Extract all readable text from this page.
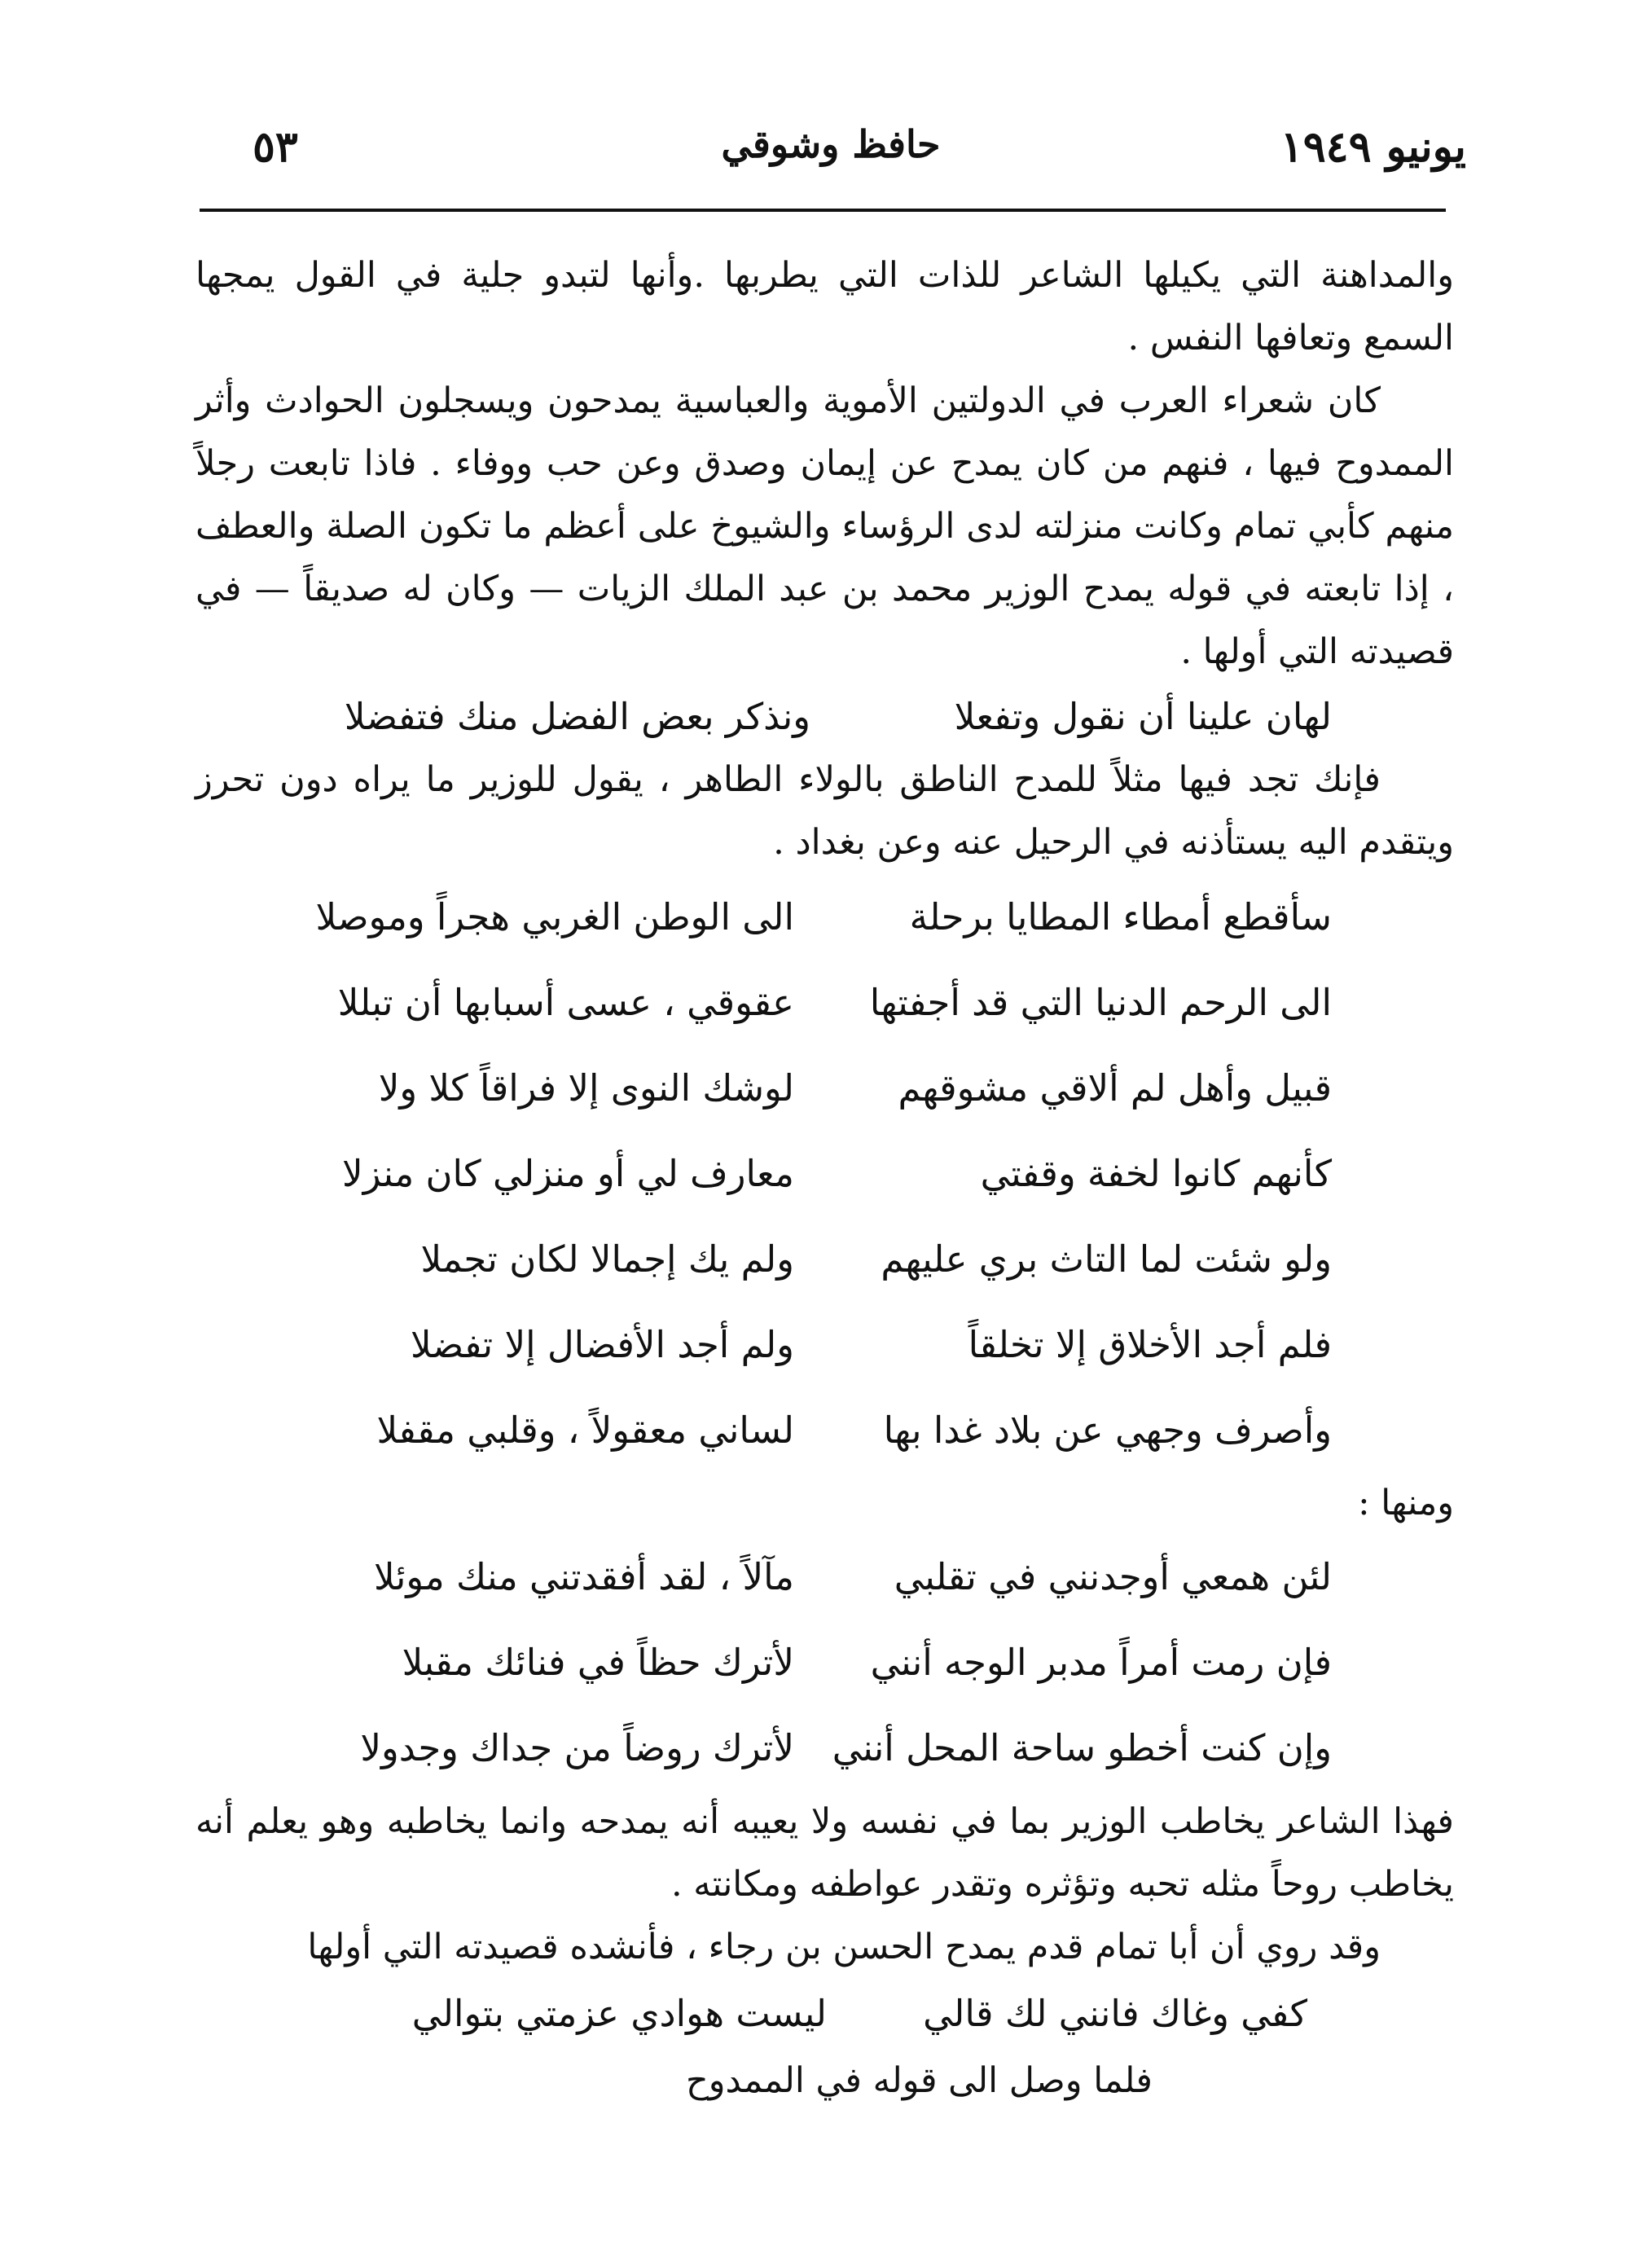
يونيو ١٩٤٩
حافظ وشوقي
٥٣

والمداهنة التي يكيلها الشاعر للذات التي يطربها .وأنها لتبدو جلية في القول يمجها السمع وتعافها النفس .

كان شعراء العرب في الدولتين الأموية والعباسية يمدحون ويسجلون الحوادث وأثر الممدوح فيها ، فنهم من كان يمدح عن إيمان وصدق وعن حب ووفاء . فاذا تابعت رجلاً منهم كأبي تمام وكانت منزلته لدى الرؤساء والشيوخ على أعظم ما تكون الصلة والعطف ، إذا تابعته في قوله يمدح الوزير محمد بن عبد الملك الزيات — وكان له صديقاً — في قصيدته التي أولها .

لهان علينا أن نقول وتفعلا
ونذكر بعض الفضل منك فتفضلا

فإنك تجد فيها مثلاً للمدح الناطق بالولاء الطاهر ، يقول للوزير ما يراه دون تحرز ويتقدم اليه يستأذنه في الرحيل عنه وعن بغداد .

سأقطع أمطاء المطايا برحلة
الى الوطن الغربي هجراً وموصلا
الى الرحم الدنيا التي قد أجفتها
عقوقي ، عسى أسبابها أن تبللا
قبيل وأهل لم ألاقي مشوقهم
لوشك النوى إلا فراقاً كلا ولا
كأنهم كانوا لخفة وقفتي
معارف لي أو منزلي كان منزلا
ولو شئت لما التاث بري عليهم
ولم يك إجمالا لكان تجملا
فلم أجد الأخلاق إلا تخلقاً
ولم أجد الأفضال إلا تفضلا
وأصرف وجهي عن بلاد غدا بها
لساني معقولاً ، وقلبي مقفلا

ومنها :

لئن همعي أوجدنني في تقلبي
مآلاً ، لقد أفقدتني منك موئلا
فإن رمت أمراً مدبر الوجه أنني
لأترك حظاً في فنائك مقبلا
وإن كنت أخطو ساحة المحل أنني
لأترك روضاً من جداك وجدولا

فهذا الشاعر يخاطب الوزير بما في نفسه ولا يعيبه أنه يمدحه وانما يخاطبه وهو يعلم أنه يخاطب روحاً مثله تحبه وتؤثره وتقدر عواطفه ومكانته .

وقد روي أن أبا تمام قدم يمدح الحسن بن رجاء ، فأنشده قصيدته التي أولها

كفي وغاك فانني لك قالي
ليست هوادي عزمتي بتوالي

فلما وصل الى قوله في الممدوح
